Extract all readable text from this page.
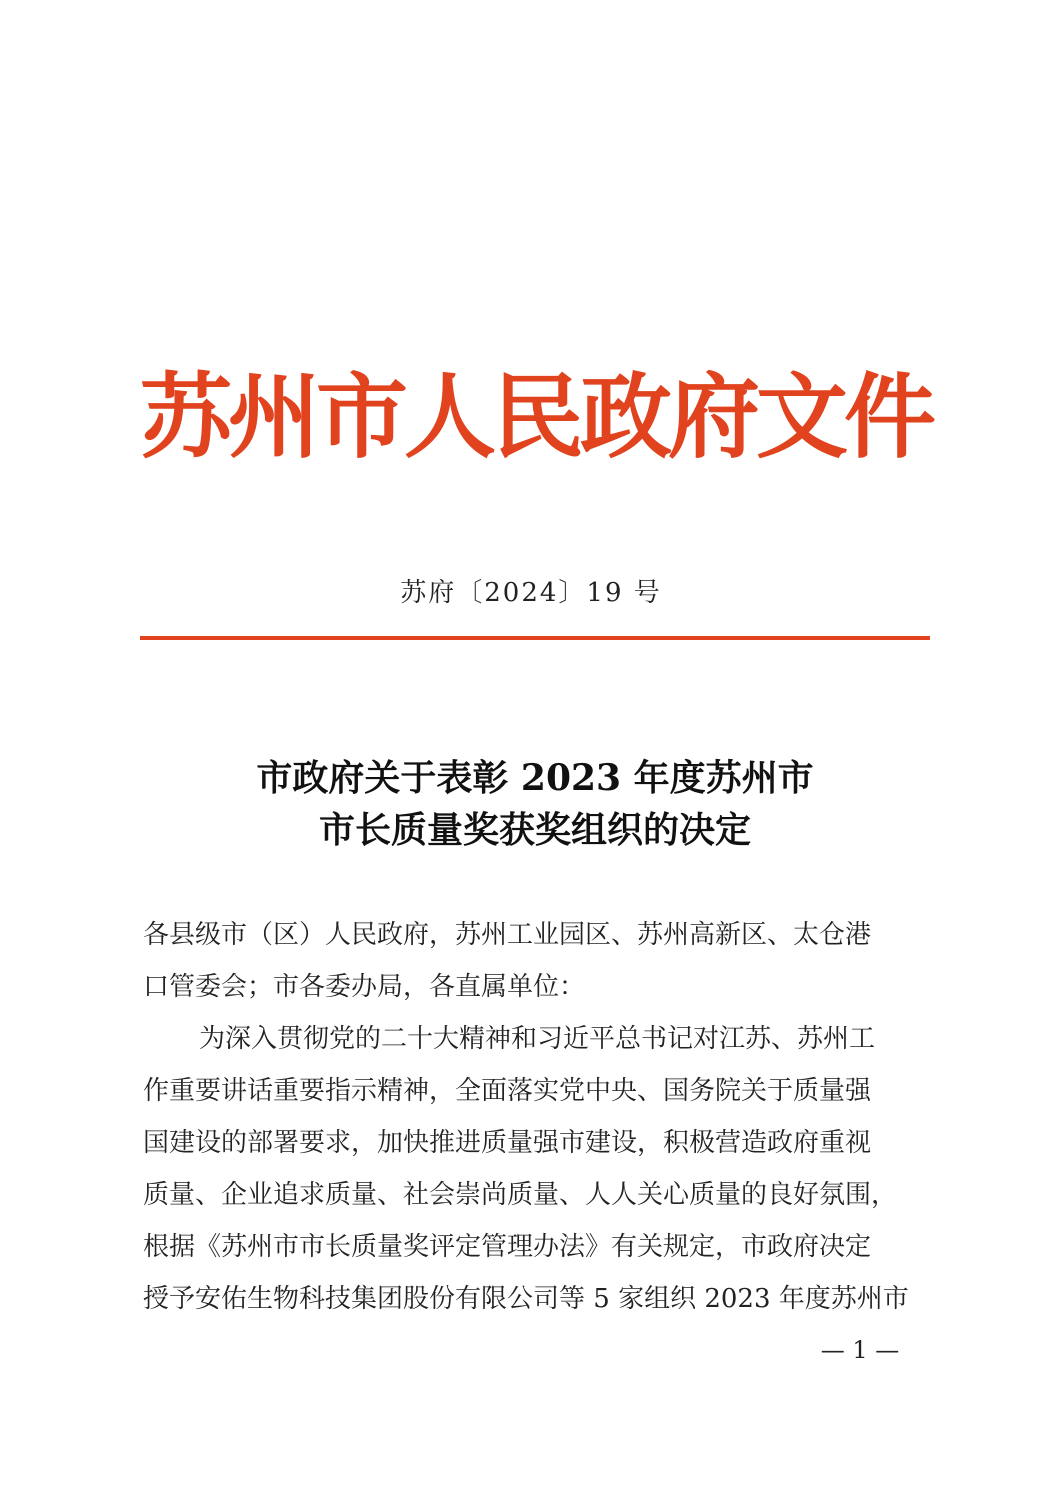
苏州市人民政府文件
苏府〔2024〕19 号
市政府关于表彰 2023 年度苏州市
市长质量奖获奖组织的决定
各县级市（区）人民政府，苏州工业园区、苏州高新区、太仓港
口管委会；市各委办局，各直属单位：
为深入贯彻党的二十大精神和习近平总书记对江苏、苏州工
作重要讲话重要指示精神，全面落实党中央、国务院关于质量强
国建设的部署要求，加快推进质量强市建设，积极营造政府重视
质量、企业追求质量、社会崇尚质量、人人关心质量的良好氛围，
根据《苏州市市长质量奖评定管理办法》有关规定，市政府决定
授予安佑生物科技集团股份有限公司等 5 家组织 2023 年度苏州市
— 1 —
